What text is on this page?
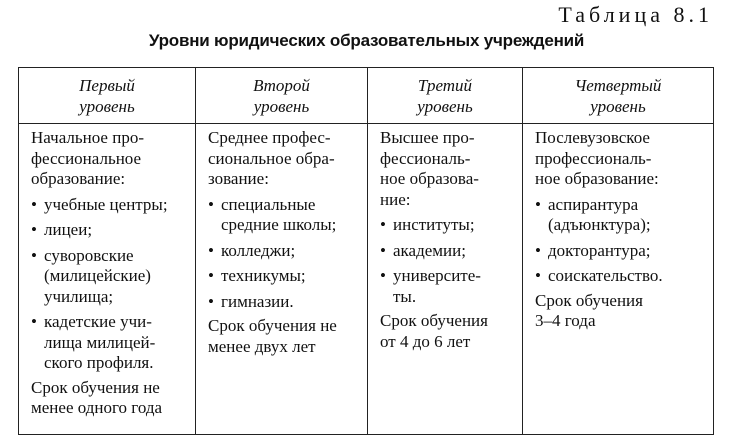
Таблица 8.1
Уровни юридических образовательных учреждений
Первый
уровень
Второй
уровень
Третий
уровень
Четвертый
уровень
Начальное про-
фессиональное
образование:
• учебные центры;
• лицеи;
• суворовские
(милицейские)
училища;
• кадетские учи-
лища милицей-
ского профиля.
Срок обучения не
менее одного года
Среднее профес-
сиональное обра-
зование:
• специальные
средние школы;
• колледжи;
• техникумы;
• гимназии.
Срок обучения не
менее двух лет
Высшее про-
фессиональ-
ное образова-
ние:
• институты;
• академии;
• университе-
ты.
Срок обучения
от 4 до 6 лет
Послевузовское
профессиональ-
ное образование:
• аспирантура
(адъюнктура);
• докторантура;
• соискательство.
Срок обучения
3–4 года
